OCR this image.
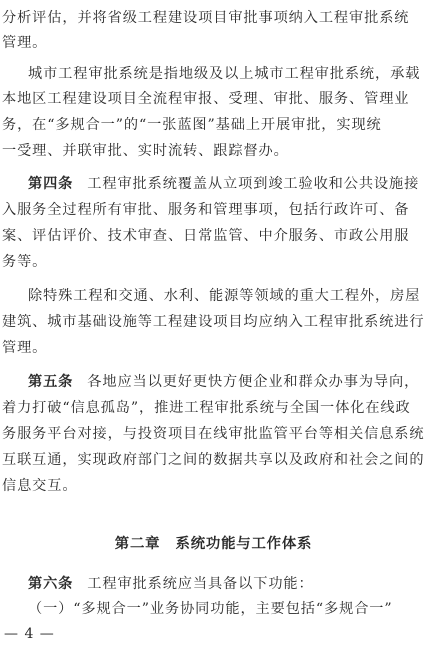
分析评估，并将省级工程建设项目审批事项纳入工程审批系统
管理。
城市工程审批系统是指地级及以上城市工程审批系统，承载
本地区工程建设项目全流程审报、受理、审批、服务、管理业
务，在“多规合一”的“一张蓝图”基础上开展审批，实现统
一受理、并联审批、实时流转、跟踪督办。
第四条 工程审批系统覆盖从立项到竣工验收和公共设施接
入服务全过程所有审批、服务和管理事项，包括行政许可、备
案、评估评价、技术审查、日常监管、中介服务、市政公用服
务等。
除特殊工程和交通、水利、能源等领域的重大工程外，房屋
建筑、城市基础设施等工程建设项目均应纳入工程审批系统进行
管理。
第五条 各地应当以更好更快方便企业和群众办事为导向，
着力打破“信息孤岛”，推进工程审批系统与全国一体化在线政
务服务平台对接，与投资项目在线审批监管平台等相关信息系统
互联互通，实现政府部门之间的数据共享以及政府和社会之间的
信息交互。
第二章　系统功能与工作体系
第六条 工程审批系统应当具备以下功能：
（一）“多规合一”业务协同功能，主要包括“多规合一”
— 4 —
